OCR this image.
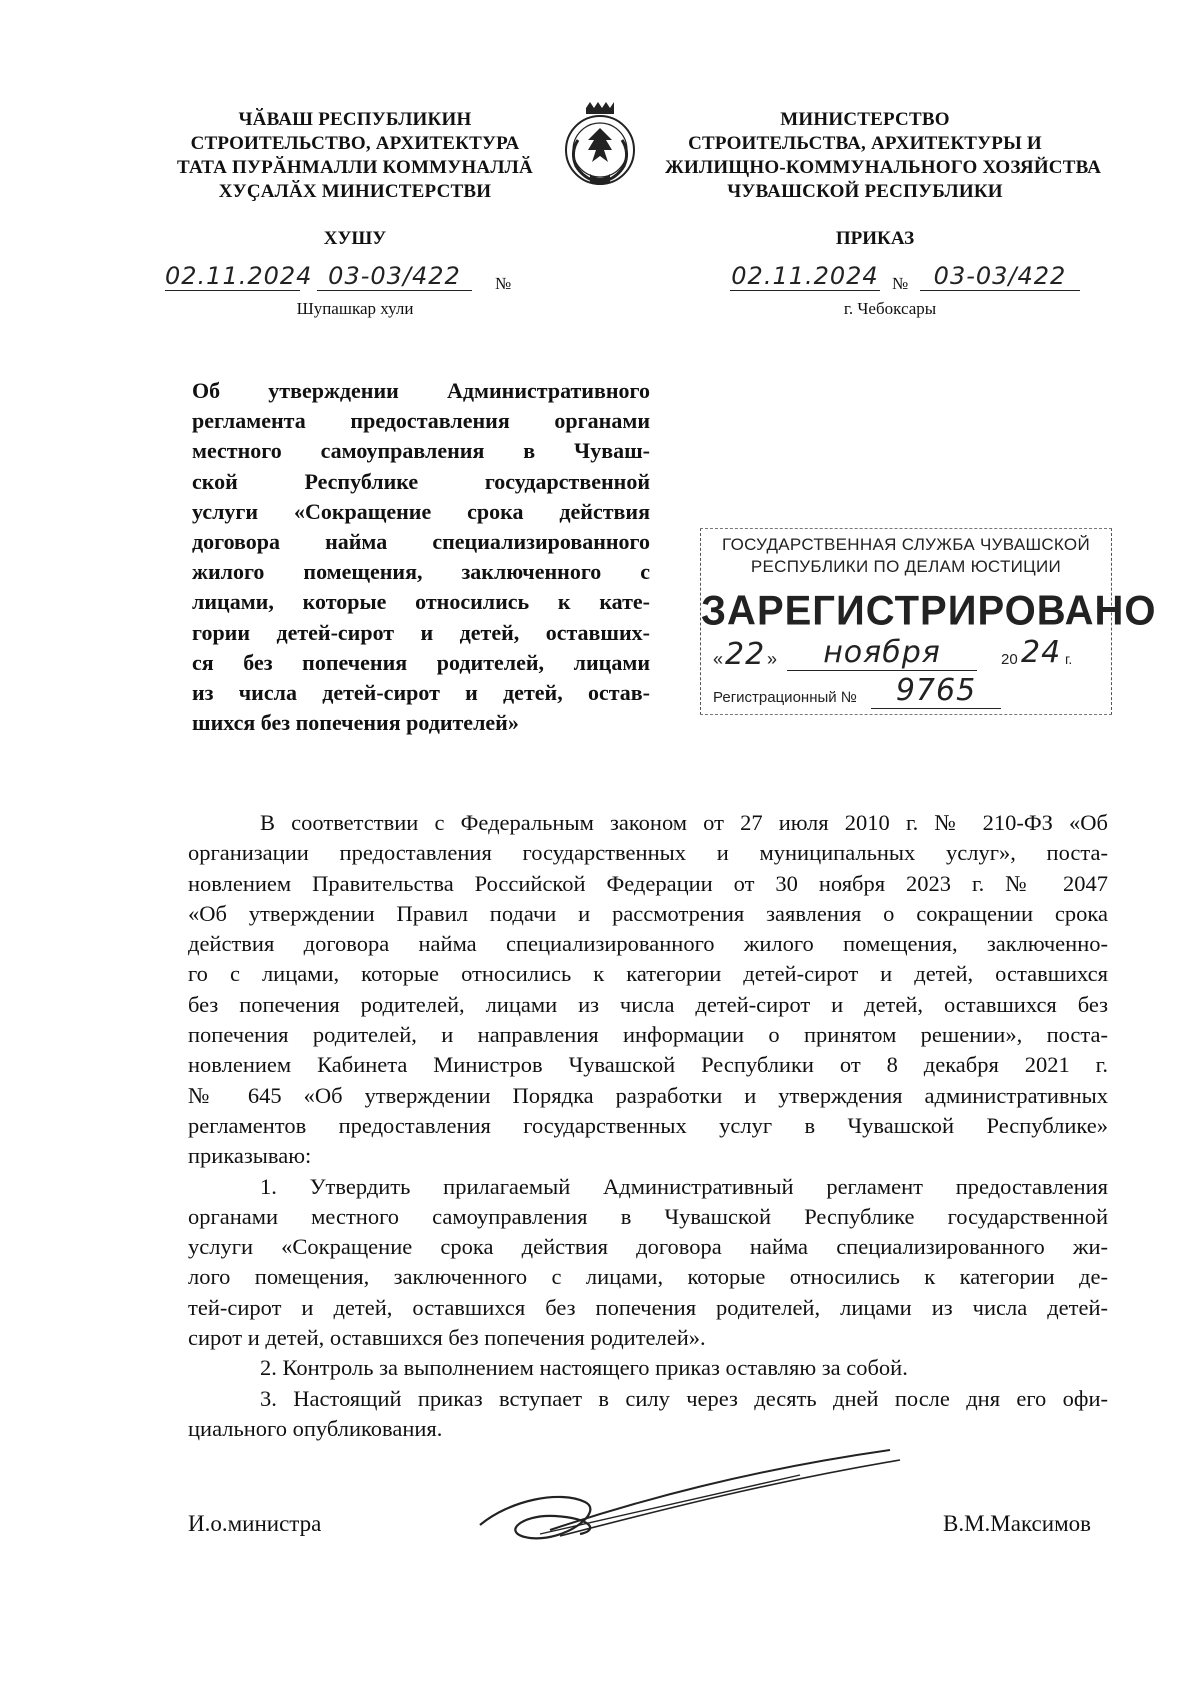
ЧӐВАШ РЕСПУБЛИКИН
СТРОИТЕЛЬСТВО, АРХИТЕКТУРА
ТАТА ПУРӐНМАЛЛИ КОММУНАЛЛӐ
ХУҪАЛӐХ МИНИСТЕРСТВИ
ХУШУ
02.11.2024 03-03/422	№
Шупашкар хули
МИНИСТЕРСТВО
СТРОИТЕЛЬСТВА, АРХИТЕКТУРЫ И
ЖИЛИЩНО-КОММУНАЛЬНОГО ХОЗЯЙСТВА
ЧУВАШСКОЙ РЕСПУБЛИКИ
ПРИКАЗ
02.11.2024 №	03-03/422
г. Чебоксары
Об утверждении Административного
регламента предоставления органами
местного самоуправления в Чуваш-
ской Республике государственной
услуги «Сокращение срока действия
договора найма специализированного
жилого помещения, заключенного с
лицами, которые относились к кате-
гории детей-сирот и детей, оставших-
ся без попечения родителей, лицами
из числа детей-сирот и детей, остав-
шихся без попечения родителей»
ГОСУДАРСТВЕННАЯ СЛУЖБА ЧУВАШСКОЙ
РЕСПУБЛИКИ ПО ДЕЛАМ ЮСТИЦИИ
ЗАРЕГИСТРИРОВАНО
« 22 »	ноября	20 24 г.
Регистрационный №	9765
В соответствии с Федеральным законом от 27 июля 2010 г. № 210-ФЗ «Об
организации предоставления государственных и муниципальных услуг», поста-
новлением Правительства Российской Федерации от 30 ноября 2023 г. № 2047
«Об утверждении Правил подачи и рассмотрения заявления о сокращении срока
действия договора найма специализированного жилого помещения, заключенно-
го с лицами, которые относились к категории детей-сирот и детей, оставшихся
без попечения родителей, лицами из числа детей-сирот и детей, оставшихся без
попечения родителей, и направления информации о принятом решении», поста-
новлением Кабинета Министров Чувашской Республики от 8 декабря 2021 г.
№ 645 «Об утверждении Порядка разработки и утверждения административных
регламентов предоставления государственных услуг в Чувашской Республике»
приказываю:
1. Утвердить прилагаемый Административный регламент предоставления
органами местного самоуправления в Чувашской Республике государственной
услуги «Сокращение срока действия договора найма специализированного жи-
лого помещения, заключенного с лицами, которые относились к категории де-
тей-сирот и детей, оставшихся без попечения родителей, лицами из числа детей-
сирот и детей, оставшихся без попечения родителей».
2. Контроль за выполнением настоящего приказ оставляю за собой.
3. Настоящий приказ вступает в силу через десять дней после дня его офи-
циального опубликования.
И.о.министра	В.М.Максимов
